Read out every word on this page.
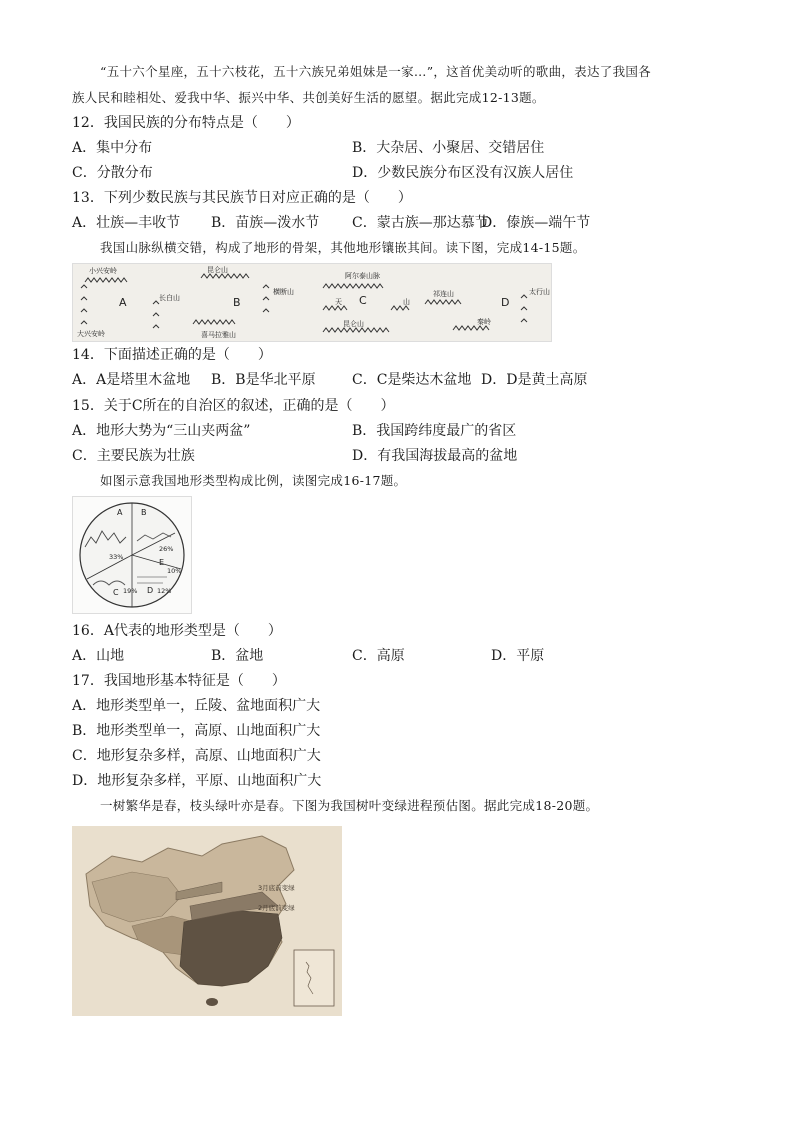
“五十六个星座，五十六枝花，五十六族兄弟姐妹是一家…”，这首优美动听的歌曲，表达了我国各
族人民和睦相处、爱我中华、振兴中华、共创美好生活的愿望。据此完成12-13题。
12．我国民族的分布特点是（　　）
A．集中分布	B．大杂居、小聚居、交错居住
C．分散分布	D．少数民族分布区没有汉族人居住
13．下列少数民族与其民族节日对应正确的是（　　）
A．壮族—丰收节 B．苗族—泼水节 C．蒙古族—那达慕节
D．傣族—端午节
我国山脉纵横交错，构成了地形的骨架，其他地形镶嵌其间。读下图，完成14-15题。
小兴安岭
大兴安岭
长白山
昆仑山
横断山
喜马拉雅山
阿尔泰山脉
天	山
昆仑山
祁连山
秦岭
太行山
A	B	C	D
14．下面描述正确的是（　　）
A．A是塔里木盆地 B．B是华北平原	C．C是柴达木盆地 D．D是黄土高原
15．关于C所在的自治区的叙述，正确的是（　　）
A．地形大势为“三山夹两盆”	B．我国跨纬度最广的省区
C．主要民族为壮族	D．有我国海拔最高的盆地
如图示意我国地形类型构成比例，读图完成16-17题。
A B
C	D
E
33%
26%
19%	12%
10%
16．A代表的地形类型是（　　）
A．山地	B．盆地	C．高原	D．平原
17．我国地形基本特征是（　　）
A．地形类型单一，丘陵、盆地面积广大
B．地形类型单一，高原、山地面积广大
C．地形复杂多样，高原、山地面积广大
D．地形复杂多样，平原、山地面积广大
一树繁华是春，枝头绿叶亦是春。下图为我国树叶变绿进程预估图。据此完成18-20题。
3月底前变绿
2月底前变绿
